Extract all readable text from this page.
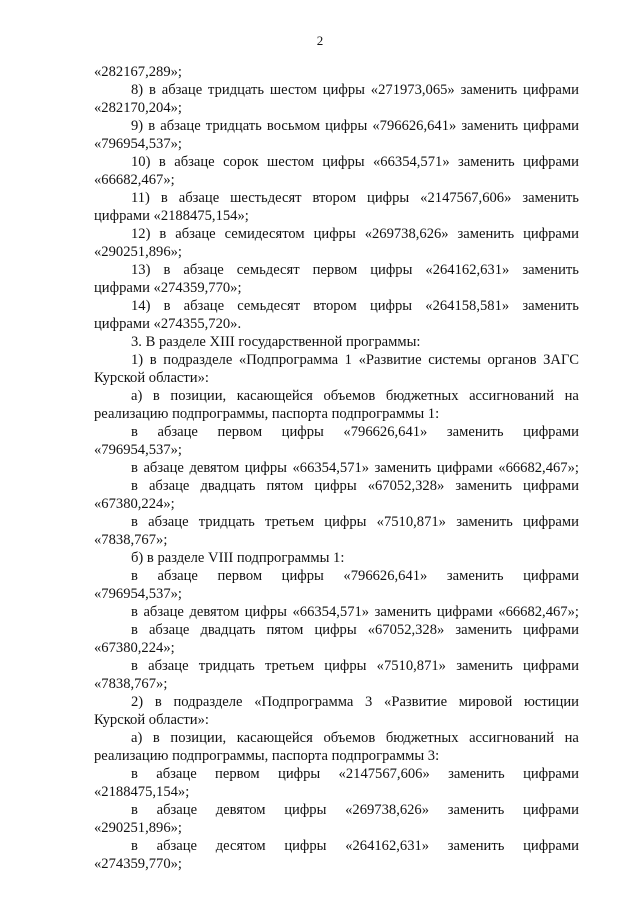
2
«282167,289»;
8) в абзаце тридцать шестом цифры «271973,065» заменить цифрами
«282170,204»;
9) в абзаце тридцать восьмом цифры «796626,641» заменить цифрами
«796954,537»;
10) в абзаце сорок шестом цифры «66354,571» заменить цифрами
«66682,467»;
11) в абзаце шестьдесят втором цифры «2147567,606» заменить
цифрами «2188475,154»;
12) в абзаце семидесятом цифры «269738,626» заменить цифрами
«290251,896»;
13) в абзаце семьдесят первом цифры «264162,631» заменить
цифрами «274359,770»;
14) в абзаце семьдесят втором цифры «264158,581» заменить
цифрами «274355,720».
3. В разделе XIII государственной программы:
1) в подразделе «Подпрограмма 1 «Развитие системы органов ЗАГС
Курской области»:
а) в позиции, касающейся объемов бюджетных ассигнований на
реализацию подпрограммы, паспорта подпрограммы 1:
в абзаце первом цифры «796626,641» заменить цифрами
«796954,537»;
в абзаце девятом цифры «66354,571» заменить цифрами «66682,467»;
в абзаце двадцать пятом цифры «67052,328» заменить цифрами
«67380,224»;
в абзаце тридцать третьем цифры «7510,871» заменить цифрами
«7838,767»;
б) в разделе VIII подпрограммы 1:
в абзаце первом цифры «796626,641» заменить цифрами
«796954,537»;
в абзаце девятом цифры «66354,571» заменить цифрами «66682,467»;
в абзаце двадцать пятом цифры «67052,328» заменить цифрами
«67380,224»;
в абзаце тридцать третьем цифры «7510,871» заменить цифрами
«7838,767»;
2) в подразделе «Подпрограмма 3 «Развитие мировой юстиции
Курской области»:
а) в позиции, касающейся объемов бюджетных ассигнований на
реализацию подпрограммы, паспорта подпрограммы 3:
в абзаце первом цифры «2147567,606» заменить цифрами
«2188475,154»;
в абзаце девятом цифры «269738,626» заменить цифрами
«290251,896»;
в абзаце десятом цифры «264162,631» заменить цифрами
«274359,770»;
